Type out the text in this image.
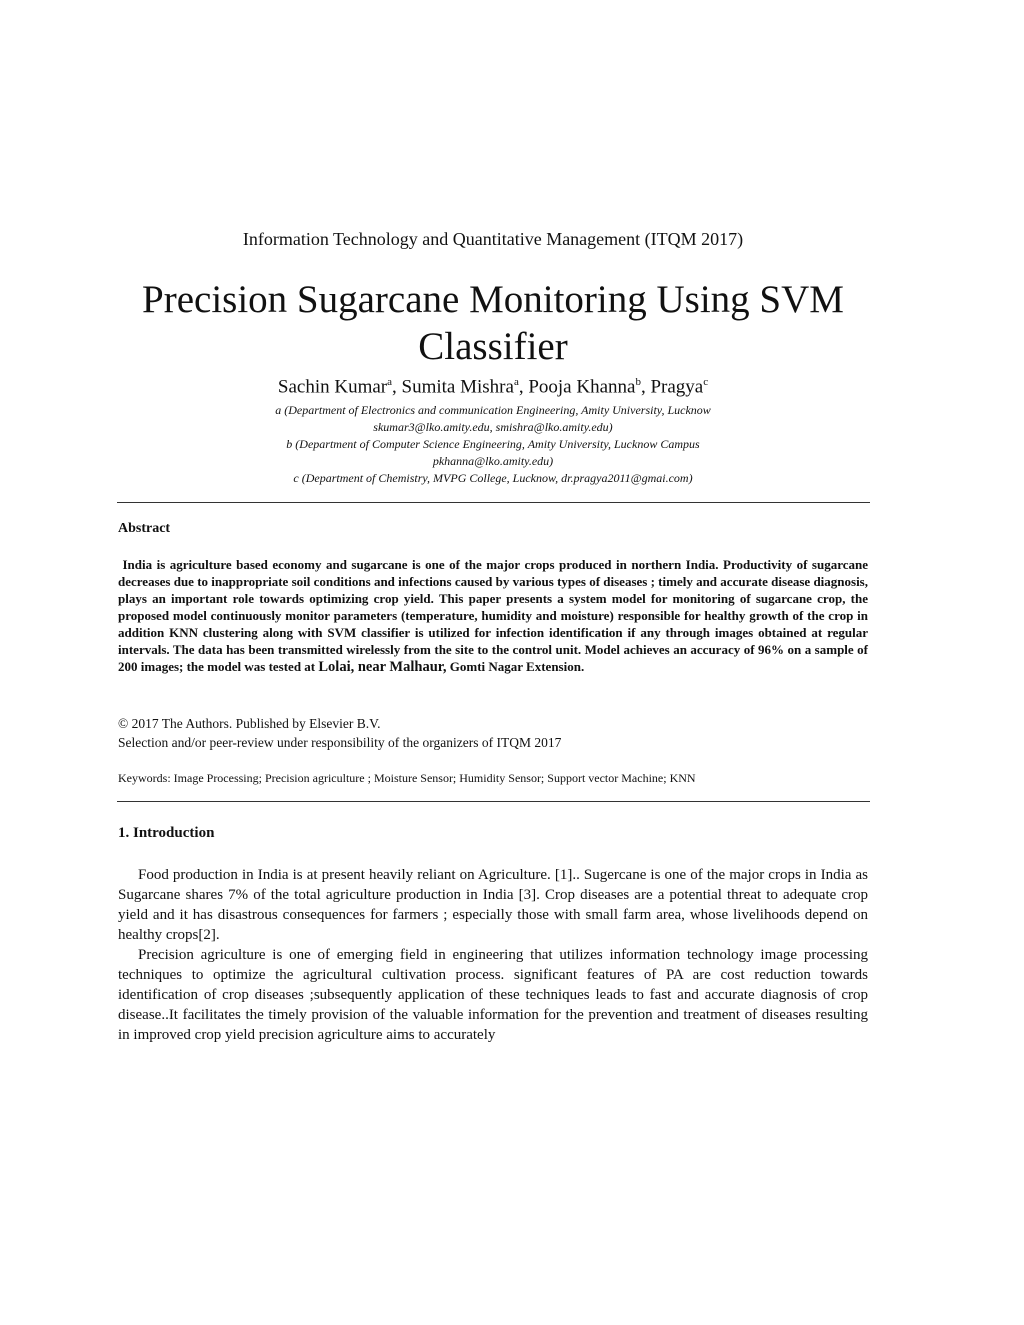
Information Technology and Quantitative Management (ITQM 2017)
Precision Sugarcane Monitoring Using SVM Classifier
Sachin Kumar$^a$, Sumita Mishra$^a$, Pooja Khanna$^b$, Pragya$^c$
a (Department of Electronics and communication Engineering, Amity University, Lucknow
skumar3@lko.amity.edu, smishra@lko.amity.edu)
b (Department of Computer Science Engineering, Amity University, Lucknow Campus
pkhanna@lko.amity.edu)
c (Department of Chemistry, MVPG College, Lucknow, dr.pragya2011@gmai.com)
Abstract
India is agriculture based economy and sugarcane is one of the major crops produced in northern India. Productivity of sugarcane decreases due to inappropriate soil conditions and infections caused by various types of diseases ; timely and accurate disease diagnosis, plays an important role towards optimizing crop yield. This paper presents a system model for monitoring of sugarcane crop, the proposed model continuously monitor parameters (temperature, humidity and moisture) responsible for healthy growth of the crop in addition KNN clustering along with SVM classifier is utilized for infection identification if any through images obtained at regular intervals. The data has been transmitted wirelessly from the site to the control unit. Model achieves an accuracy of 96% on a sample of 200 images; the model was tested at Lolai, near Malhaur, Gomti Nagar Extension.
© 2017 The Authors. Published by Elsevier B.V.
Selection and/or peer-review under responsibility of the organizers of ITQM 2017
Keywords: Image Processing; Precision agriculture ; Moisture Sensor; Humidity Sensor; Support vector Machine; KNN
1. Introduction
Food production in India is at present heavily reliant on Agriculture. [1].. Sugercane is one of the major crops in India as Sugarcane shares 7% of the total agriculture production in India [3]. Crop diseases are a potential threat to adequate crop yield and it has disastrous consequences for farmers ; especially those with small farm area, whose livelihoods depend on healthy crops[2].
Precision agriculture is one of emerging field in engineering that utilizes information technology image processing techniques to optimize the agricultural cultivation process. significant features of PA are cost reduction towards identification of crop diseases ;subsequently application of these techniques leads to fast and accurate diagnosis of crop disease..It facilitates the timely provision of the valuable information for the prevention and treatment of diseases resulting in improved crop yield precision agriculture aims to accurately
